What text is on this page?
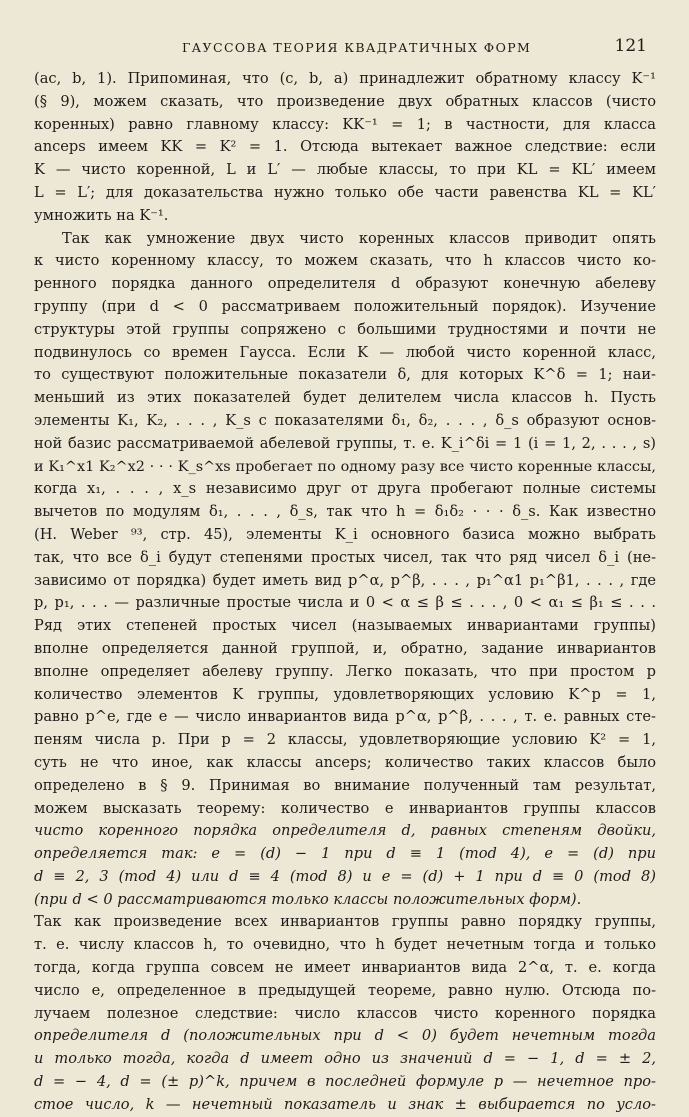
ГАУССОВА ТЕОРИЯ КВАДРАТИЧНЫХ ФОРМ	121
(ac, b, 1). Припоминая, что (c, b, a) принадлежит обратному классу K⁻¹
(§ 9), можем сказать, что произведение двух обратных классов (чисто
коренных) равно главному классу: KK⁻¹ = 1; в частности, для класса
anceps имеем KK = K² = 1. Отсюда вытекает важное следствие: если
K — чисто коренной, L и L′ — любые классы, то при KL = KL′ имеем
L = L′; для доказательства нужно только обе части равенства KL = KL′
умножить на K⁻¹.
Так как умножение двух чисто коренных классов приводит опять
к чисто коренному классу, то можем сказать, что h классов чисто ко-
ренного порядка данного определителя d образуют конечную абелеву
группу (при d < 0 рассматриваем положительный порядок). Изучение
структуры этой группы сопряжено с большими трудностями и почти не
подвинулось со времен Гаусса. Если K — любой чисто коренной класс,
то существуют положительные показатели δ, для которых K^δ = 1; наи-
меньший из этих показателей будет делителем числа классов h. Пусть
элементы K₁, K₂, . . . , K_s с показателями δ₁, δ₂, . . . , δ_s образуют основ-
ной базис рассматриваемой абелевой группы, т. е. K_i^δi = 1 (i = 1, 2, . . . , s)
и K₁^x1 K₂^x2 · · · K_s^xs пробегает по одному разу все чисто коренные классы,
когда x₁, . . . , x_s независимо друг от друга пробегают полные системы
вычетов по модулям δ₁, . . . , δ_s, так что h = δ₁δ₂ · · · δ_s. Как известно
(H. Weber ⁹³, стр. 45), элементы K_i основного базиса можно выбрать
так, что все δ_i будут степенями простых чисел, так что ряд чисел δ_i (не-
зависимо от порядка) будет иметь вид p^α, p^β, . . . , p₁^α1 p₁^β1, . . . , где
p, p₁, . . . — различные простые числа и 0 < α ≤ β ≤ . . . , 0 < α₁ ≤ β₁ ≤ . . .
Ряд этих степеней простых чисел (называемых инвариантами группы)
вполне определяется данной группой, и, обратно, задание инвариантов
вполне определяет абелеву группу. Легко показать, что при простом p
количество элементов K группы, удовлетворяющих условию K^p = 1,
равно p^e, где e — число инвариантов вида p^α, p^β, . . . , т. е. равных сте-
пеням числа p. При p = 2 классы, удовлетворяющие условию K² = 1,
суть не что иное, как классы anceps; количество таких классов было
определено в § 9. Принимая во внимание полученный там результат,
можем высказать теорему: количество е инвариантов группы классов
чисто коренного порядка определителя d, равных степеням двойки,
определяется так: e = (d) − 1 при d ≡ 1 (mod 4), e = (d) при
d ≡ 2, 3 (mod 4) или d ≡ 4 (mod 8) и e = (d) + 1 при d ≡ 0 (mod 8)
(при d < 0 рассматриваются только классы положительных форм).
Так как произведение всех инвариантов группы равно порядку группы,
т. е. числу классов h, то очевидно, что h будет нечетным тогда и только
тогда, когда группа совсем не имеет инвариантов вида 2^α, т. е. когда
число e, определенное в предыдущей теореме, равно нулю. Отсюда по-
лучаем полезное следствие: число классов чисто коренного порядка
определителя d (положительных при d < 0) будет нечетным тогда
и только тогда, когда d имеет одно из значений d = − 1, d = ± 2,
d = − 4, d = (± p)^k, причем в последней формуле p — нечетное про-
стое число, k — нечетный показатель и знак ± выбирается по усло-
